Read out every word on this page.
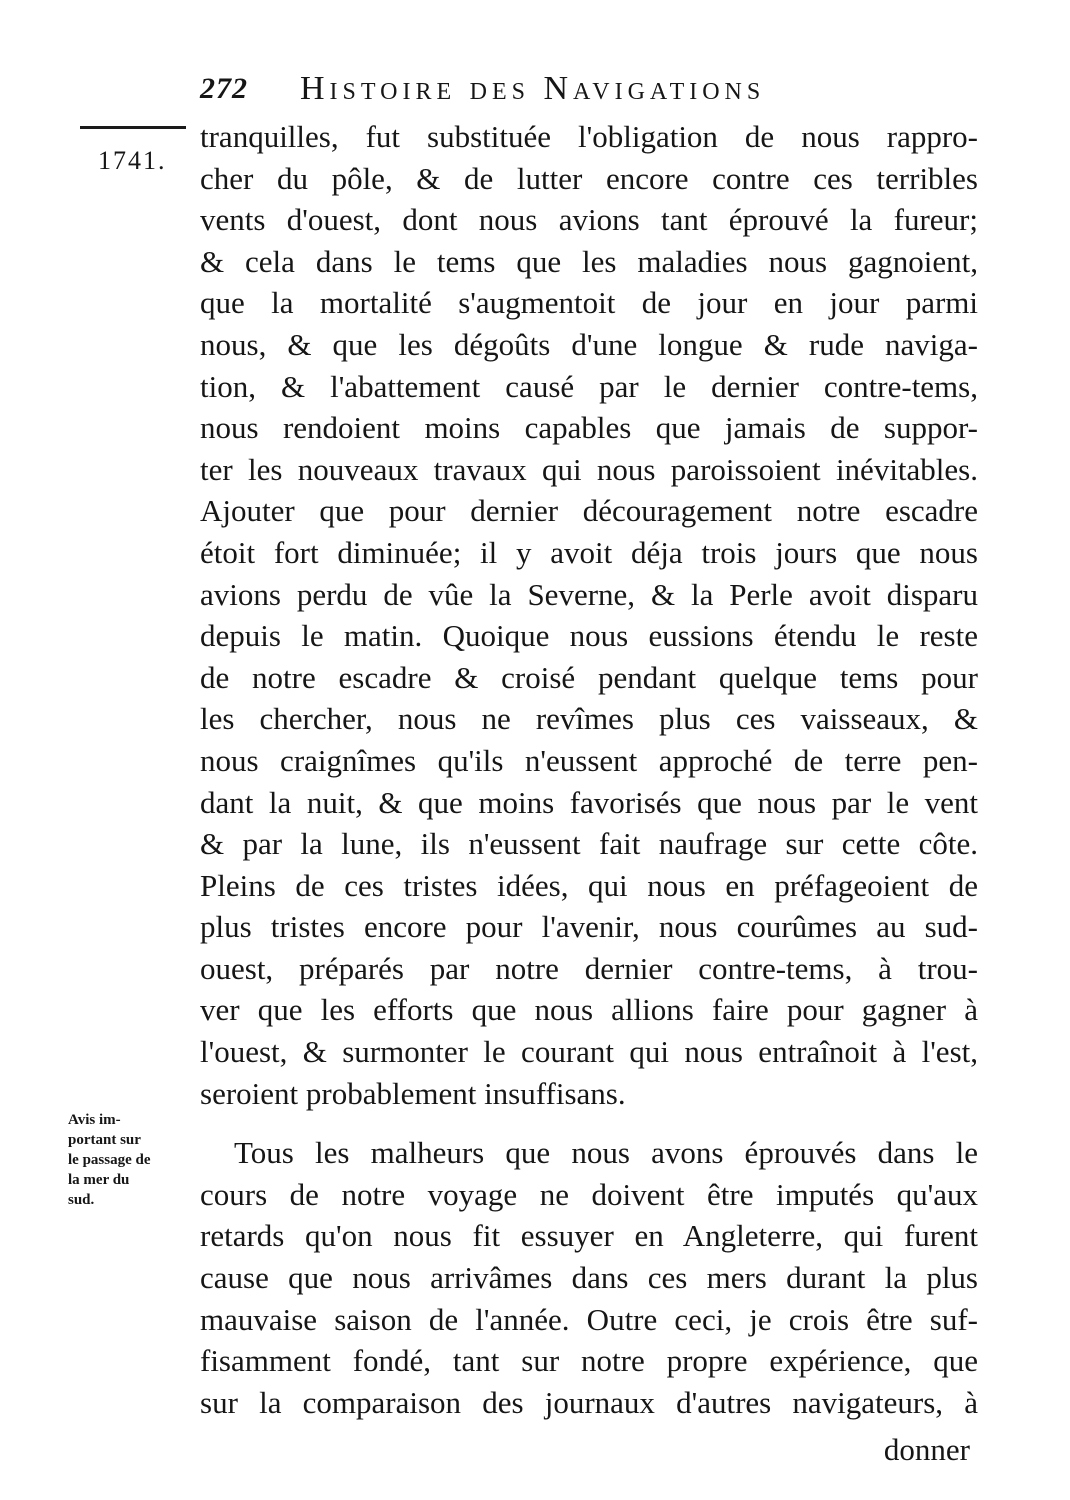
272 Histoire des Navigations
1741.
Avis im-
portant sur
le passage de
la mer du
sud.
tranquilles, fut substituée l'obligation de nous rappro-
cher du pôle, & de lutter encore contre ces terribles
vents d'ouest, dont nous avions tant éprouvé la fureur;
& cela dans le tems que les maladies nous gagnoient,
que la mortalité s'augmentoit de jour en jour parmi
nous, & que les dégoûts d'une longue & rude naviga-
tion, & l'abattement causé par le dernier contre-tems,
nous rendoient moins capables que jamais de suppor-
ter les nouveaux travaux qui nous paroissoient inévitables.
Ajouter que pour dernier découragement notre escadre
étoit fort diminuée; il y avoit déja trois jours que nous
avions perdu de vûe la Severne, & la Perle avoit disparu
depuis le matin. Quoique nous eussions étendu le reste
de notre escadre & croisé pendant quelque tems pour
les chercher, nous ne revîmes plus ces vaisseaux, &
nous craignîmes qu'ils n'eussent approché de terre pen-
dant la nuit, & que moins favorisés que nous par le vent
& par la lune, ils n'eussent fait naufrage sur cette côte.
Pleins de ces tristes idées, qui nous en préfageoient de
plus tristes encore pour l'avenir, nous courûmes au sud-
ouest, préparés par notre dernier contre-tems, à trou-
ver que les efforts que nous allions faire pour gagner à
l'ouest, & surmonter le courant qui nous entraînoit à l'est,
seroient probablement insuffisans.
Tous les malheurs que nous avons éprouvés dans le
cours de notre voyage ne doivent être imputés qu'aux
retards qu'on nous fit essuyer en Angleterre, qui furent
cause que nous arrivâmes dans ces mers durant la plus
mauvaise saison de l'année. Outre ceci, je crois être suf-
fisamment fondé, tant sur notre propre expérience, que
sur la comparaison des journaux d'autres navigateurs, à
donner
